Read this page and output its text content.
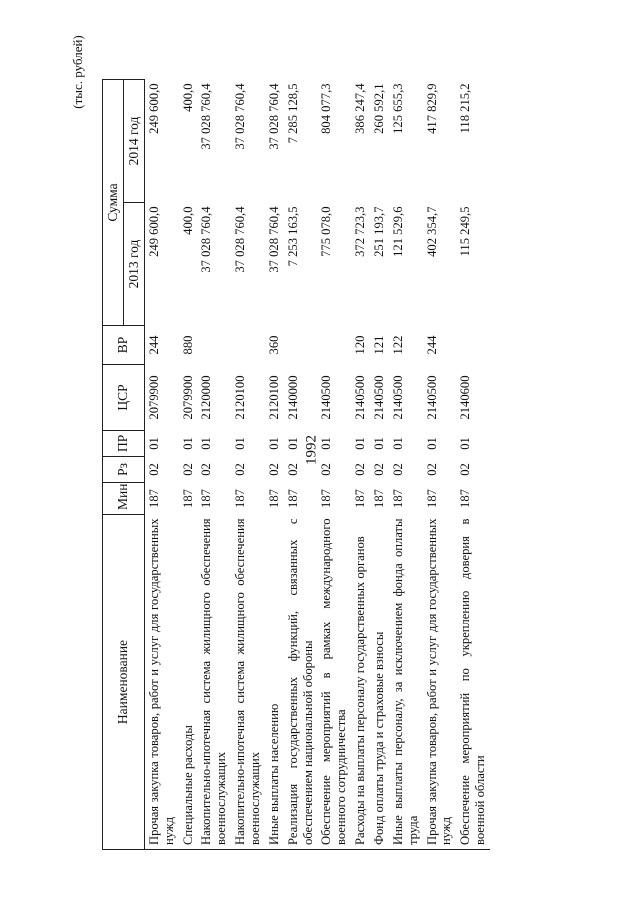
1992
(тыс. рублей)
Наименование	Мин	Рз	ПР	ЦСР	ВР	Сумма	
						2013 год	2014 год
Прочая закупка товаров, работ и услуг для государственных нужд	187	02	01	2079900	244	249 600,0	249 600,0
Специальные расходы	187	02	01	2079900	880	400,0	400,0
Накопительно-ипотечная система жилищного обеспечения военнослужащих	187	02	01	2120000		37 028 760,4	37 028 760,4
Накопительно-ипотечная система жилищного обеспечения военнослужащих	187	02	01	2120100		37 028 760,4	37 028 760,4
Иные выплаты населению	187	02	01	2120100	360	37 028 760,4	37 028 760,4
Реализация государственных функций, связанных с обеспечением национальной обороны	187	02	01	2140000		7 253 163,5	7 285 128,5
Обеспечение мероприятий в рамках международного военного сотрудничества	187	02	01	2140500		775 078,0	804 077,3
Расходы на выплаты персоналу государственных органов	187	02	01	2140500	120	372 723,3	386 247,4
Фонд оплаты труда и страховые взносы	187	02	01	2140500	121	251 193,7	260 592,1
Иные выплаты персоналу, за исключением фонда оплаты труда	187	02	01	2140500	122	121 529,6	125 655,3
Прочая закупка товаров, работ и услуг для государственных нужд	187	02	01	2140500	244	402 354,7	417 829,9
Обеспечение мероприятий по укреплению доверия в военной области	187	02	01	2140600		115 249,5	118 215,2
